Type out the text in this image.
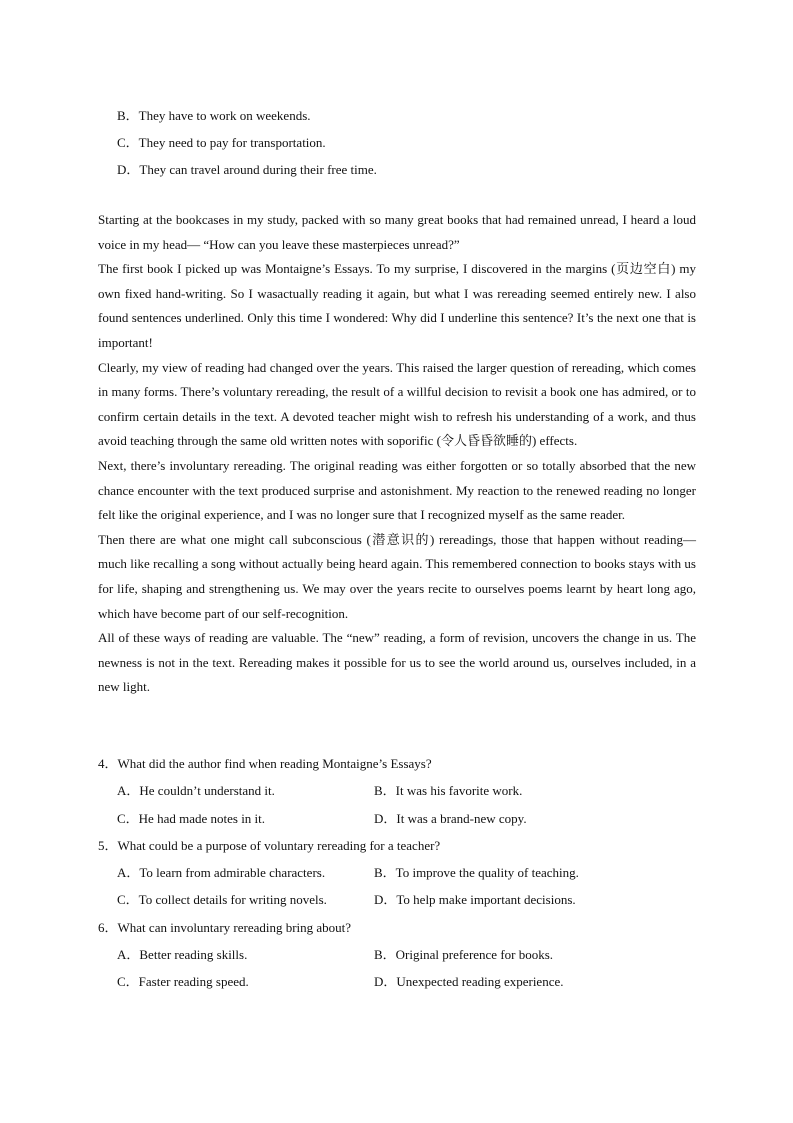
B．They have to work on weekends.
C．They need to pay for transportation.
D．They can travel around during their free time.

Starting at the bookcases in my study, packed with so many great books that had remained unread, I heard a loud voice in my head— “How can you leave these masterpieces unread?”

The first book I picked up was Montaigne’s Essays. To my surprise, I discovered in the margins (页边空白) my own fixed hand-writing. So I wasactually reading it again, but what I was rereading seemed entirely new. I also found sentences underlined. Only this time I wondered: Why did I underline this sentence? It’s the next one that is important!

Clearly, my view of reading had changed over the years. This raised the larger question of rereading, which comes in many forms. There’s voluntary rereading, the result of a willful decision to revisit a book one has admired, or to confirm certain details in the text. A devoted teacher might wish to refresh his understanding of a work, and thus avoid teaching through the same old written notes with soporific (令人昏昏欲睡的) effects.

Next, there’s involuntary rereading. The original reading was either forgotten or so totally absorbed that the new chance encounter with the text produced surprise and astonishment. My reaction to the renewed reading no longer felt like the original experience, and I was no longer sure that I recognized myself as the same reader.

Then there are what one might call subconscious (潜意识的) rereadings, those that happen without reading—much like recalling a song without actually being heard again. This remembered connection to books stays with us for life, shaping and strengthening us. We may over the years recite to ourselves poems learnt by heart long ago, which have become part of our self-recognition.

All of these ways of reading are valuable. The “new” reading, a form of revision, uncovers the change in us. The newness is not in the text. Rereading makes it possible for us to see the world around us, ourselves included, in a new light.

4．What did the author find when reading Montaigne’s Essays?
A．He couldn’t understand it.	B．It was his favorite work.
C．He had made notes in it.	D．It was a brand-new copy.
5．What could be a purpose of voluntary rereading for a teacher?
A．To learn from admirable characters.	B．To improve the quality of teaching.
C．To collect details for writing novels.	D．To help make important decisions.
6．What can involuntary rereading bring about?
A．Better reading skills.	B．Original preference for books.
C．Faster reading speed.	D．Unexpected reading experience.
